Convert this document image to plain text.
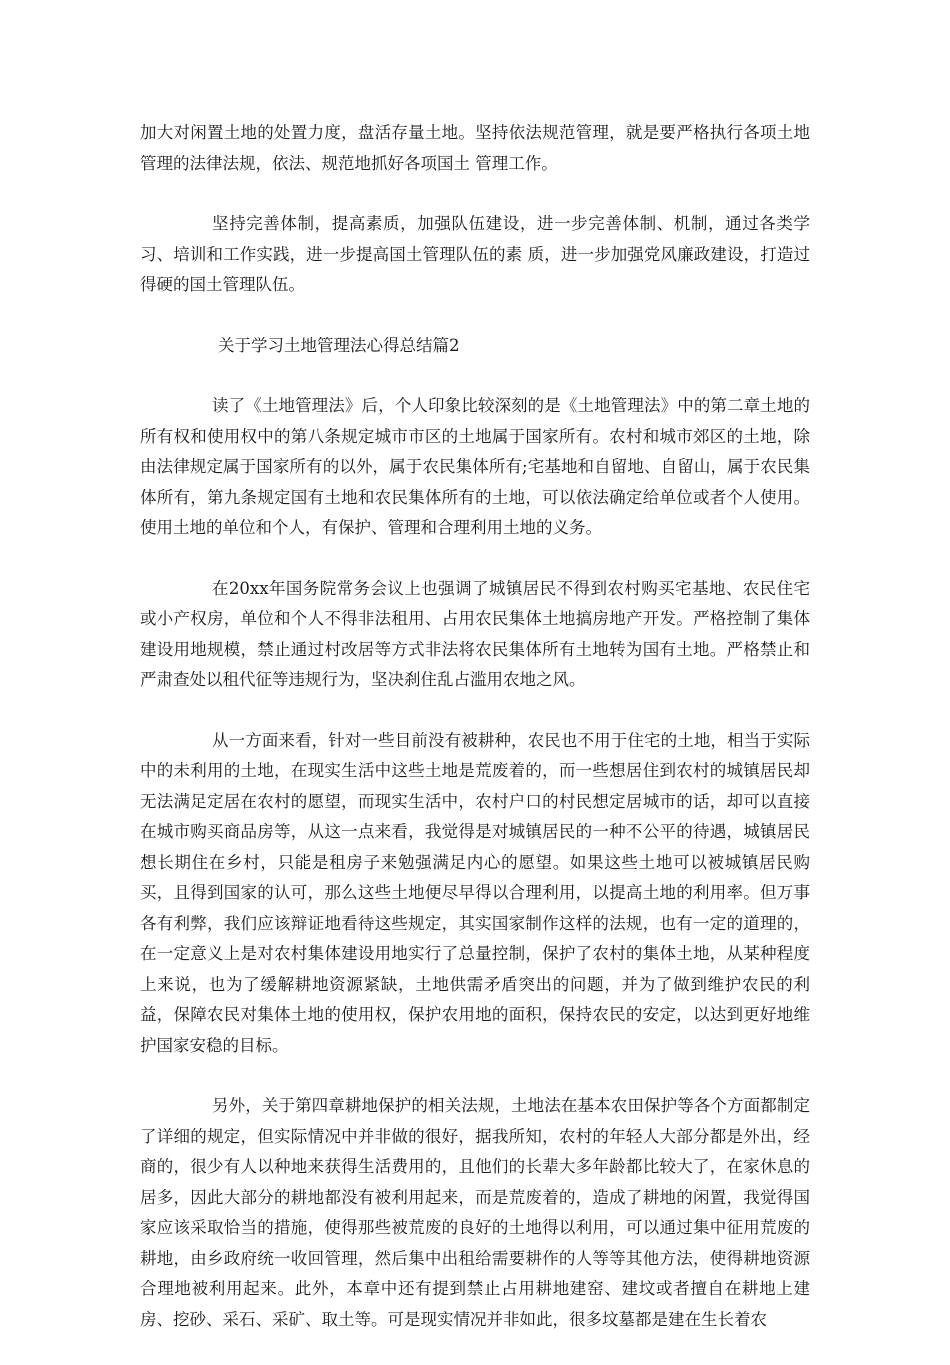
加大对闲置土地的处置力度，盘活存量土地。坚持依法规范管理，就是要严格执行各项土地管理的法律法规，依法、规范地抓好各项国土 管理工作。

坚持完善体制，提高素质，加强队伍建设，进一步完善体制、机制，通过各类学习、培训和工作实践，进一步提高国土管理队伍的素 质，进一步加强党风廉政建设，打造过得硬的国土管理队伍。

关于学习土地管理法心得总结篇2

读了《土地管理法》后，个人印象比较深刻的是《土地管理法》中的第二章土地的所有权和使用权中的第八条规定城市市区的土地属于国家所有。农村和城市郊区的土地，除由法律规定属于国家所有的以外，属于农民集体所有;宅基地和自留地、自留山，属于农民集体所有，第九条规定国有土地和农民集体所有的土地，可以依法确定给单位或者个人使用。使用土地的单位和个人，有保护、管理和合理利用土地的义务。

在20xx年国务院常务会议上也强调了城镇居民不得到农村购买宅基地、农民住宅或小产权房，单位和个人不得非法租用、占用农民集体土地搞房地产开发。严格控制了集体建设用地规模，禁止通过村改居等方式非法将农民集体所有土地转为国有土地。严格禁止和严肃查处以租代征等违规行为，坚决刹住乱占滥用农地之风。

从一方面来看，针对一些目前没有被耕种，农民也不用于住宅的土地，相当于实际中的未利用的土地，在现实生活中这些土地是荒废着的，而一些想居住到农村的城镇居民却无法满足定居在农村的愿望，而现实生活中，农村户口的村民想定居城市的话，却可以直接在城市购买商品房等，从这一点来看，我觉得是对城镇居民的一种不公平的待遇，城镇居民想长期住在乡村，只能是租房子来勉强满足内心的愿望。如果这些土地可以被城镇居民购买，且得到国家的认可，那么这些土地便尽早得以合理利用，以提高土地的利用率。但万事各有利弊，我们应该辩证地看待这些规定，其实国家制作这样的法规，也有一定的道理的，在一定意义上是对农村集体建设用地实行了总量控制，保护了农村的集体土地，从某种程度上来说，也为了缓解耕地资源紧缺，土地供需矛盾突出的问题，并为了做到维护农民的利益，保障农民对集体土地的使用权，保护农用地的面积，保持农民的安定，以达到更好地维护国家安稳的目标。

另外，关于第四章耕地保护的相关法规，土地法在基本农田保护等各个方面都制定了详细的规定，但实际情况中并非做的很好，据我所知，农村的年轻人大部分都是外出，经商的，很少有人以种地来获得生活费用的，且他们的长辈大多年龄都比较大了，在家休息的居多，因此大部分的耕地都没有被利用起来，而是荒废着的，造成了耕地的闲置，我觉得国家应该采取恰当的措施，使得那些被荒废的良好的土地得以利用，可以通过集中征用荒废的耕地，由乡政府统一收回管理，然后集中出租给需要耕作的人等等其他方法，使得耕地资源合理地被利用起来。此外，本章中还有提到禁止占用耕地建窑、建坟或者擅自在耕地上建房、挖砂、采石、采矿、取土等。可是现实情况并非如此，很多坟墓都是建在生长着农
